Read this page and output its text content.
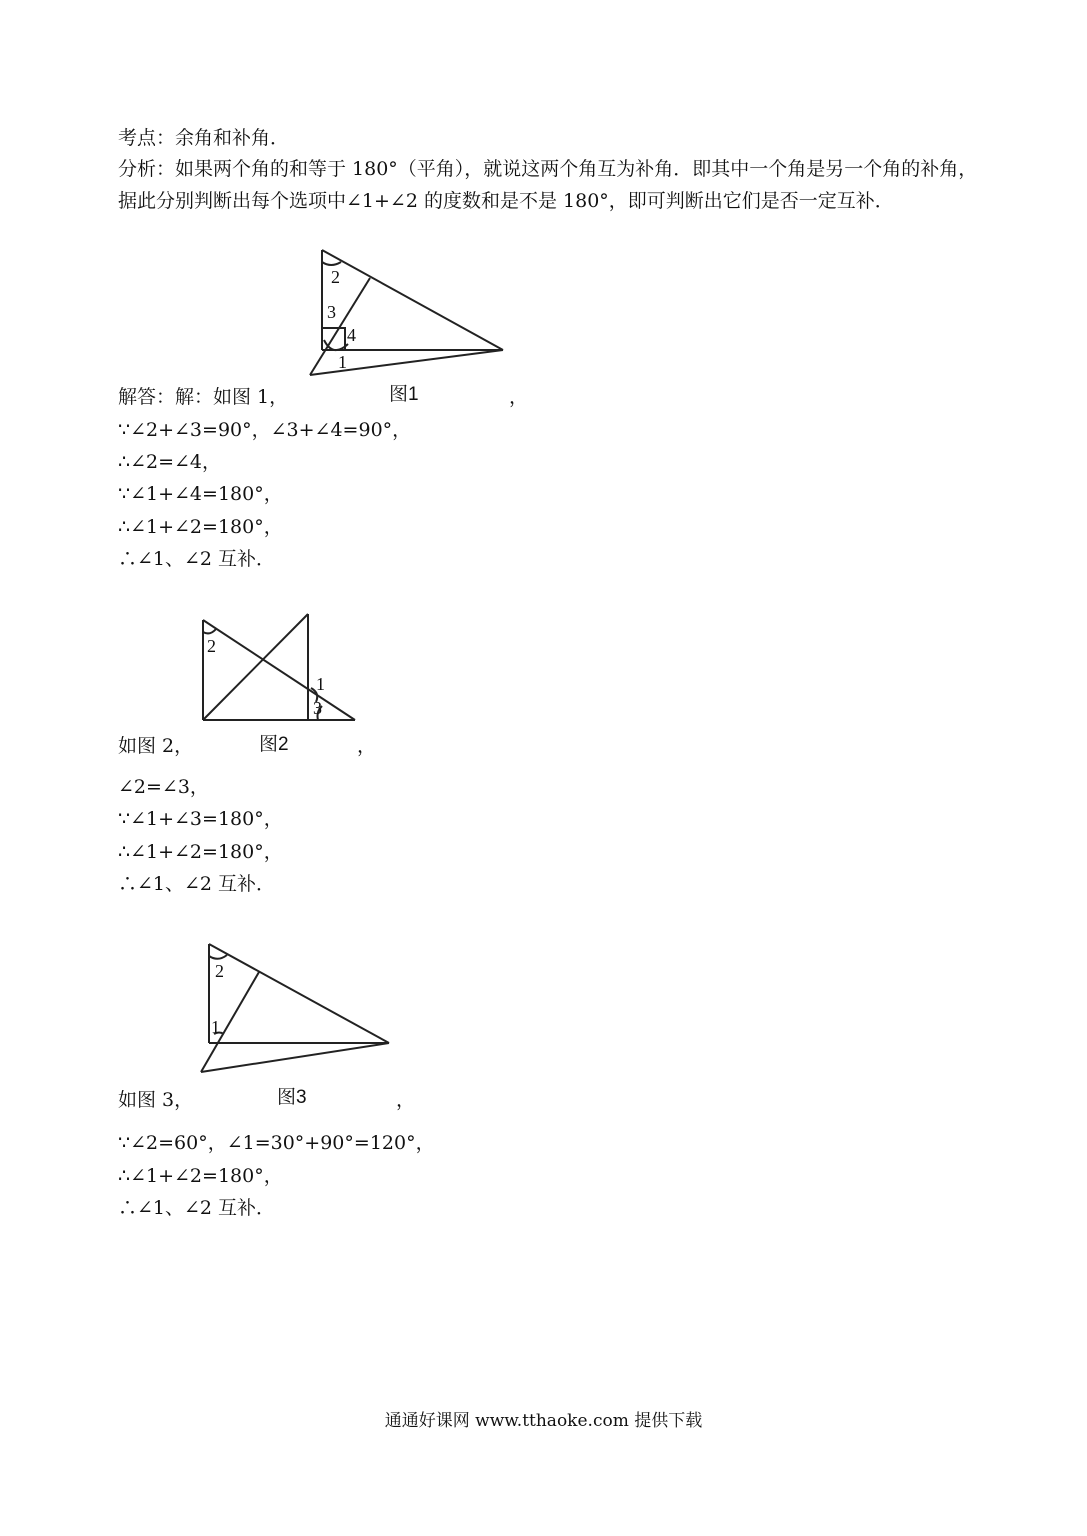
考点：余角和补角．
分析：如果两个角的和等于 180°（平角），就说这两个角互为补角．即其中一个角是另一个角的补角，据此分别判断出每个选项中∠1+∠2 的度数和是不是 180°，即可判断出它们是否一定互补．
2
3
4
1
解答：解：如图 1，	图1	，
∵∠2+∠3=90°，∠3+∠4=90°，
∴∠2=∠4，
∵∠1+∠4=180°，
∴∠1+∠2=180°，
∴∠1、∠2 互补．
2
1
3
如图 2，	图2	，
∠2=∠3，
∵∠1+∠3=180°，
∴∠1+∠2=180°，
∴∠1、∠2 互补．
2
1
如图 3，	图3	，
∵∠2=60°，∠1=30°+90°=120°，
∴∠1+∠2=180°，
∴∠1、∠2 互补．
通通好课网 www.tthaoke.com 提供下载
